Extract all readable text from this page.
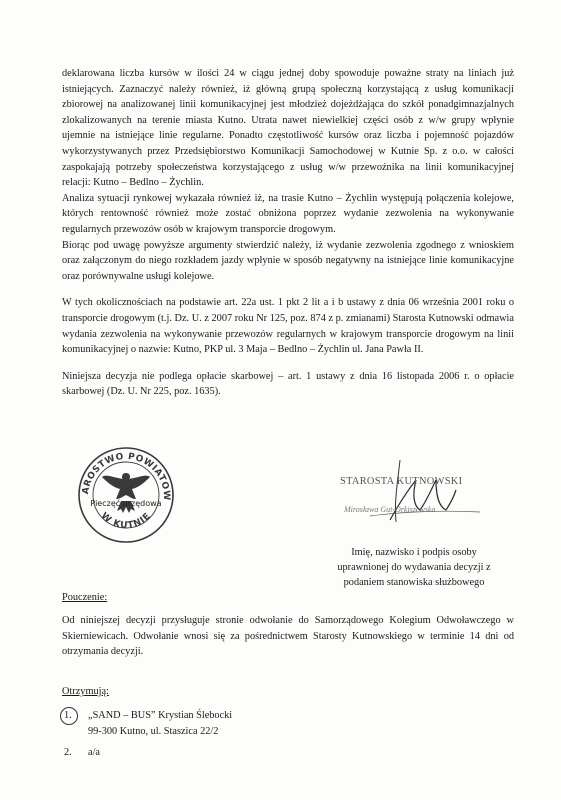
deklarowana liczba kursów w ilości 24 w ciągu jednej doby spowoduje poważne straty na liniach już istniejących. Zaznaczyć należy również, iż główną grupą społeczną korzystającą z usług komunikacji zbiorowej na analizowanej linii komunikacyjnej jest młodzież dojeżdżająca do szkół ponadgimnazjalnych zlokalizowanych na terenie miasta Kutno. Utrata nawet niewielkiej części osób z w/w grupy wpłynie ujemnie na istniejące linie regularne. Ponadto częstotliwość kursów oraz liczba i pojemność pojazdów wykorzystywanych przez Przedsiębiorstwo Komunikacji Samochodowej w Kutnie Sp. z o.o. w całości zaspokajają potrzeby społeczeństwa korzystającego z usług w/w przewoźnika na linii komunikacyjnej relacji: Kutno – Bedlno – Żychlin.

Analiza sytuacji rynkowej wykazała również iż, na trasie Kutno – Żychlin występują połączenia kolejowe, których rentowność również może zostać obniżona poprzez wydanie zezwolenia na wykonywanie regularnych przewozów osób w krajowym transporcie drogowym.

Biorąc pod uwagę powyższe argumenty stwierdzić należy, iż wydanie zezwolenia zgodnego z wnioskiem oraz załączonym do niego rozkładem jazdy wpłynie w sposób negatywny na istniejące linie komunikacyjne oraz porównywalne usługi kolejowe.

W tych okolicznościach na podstawie art. 22a ust. 1 pkt 2 lit a i b ustawy z dnia 06 września 2001 roku o transporcie drogowym (t.j. Dz. U. z 2007 roku Nr 125, poz. 874 z p. zmianami) Starosta Kutnowski odmawia wydania zezwolenia na wykonywanie przewozów regularnych w krajowym transporcie drogowym na linii komunikacyjnej o nazwie: Kutno, PKP ul. 3 Maja – Bedlno – Żychlin ul. Jana Pawła II.

Niniejsza decyzja nie podlega opłacie skarbowej – art. 1 ustawy z dnia 16 listopada 2006 r. o opłacie skarbowej (Dz. U. Nr 225, poz. 1635).

AROSTWO POWIATOW
W KUTNIE
Pieczęć urzędowa
STAROSTA KUTNOWSKI
Mirosława Gut-Orkiszewska

Imię, nazwisko i podpis osoby

uprawnionej do wydawania decyzji z

podaniem stanowiska służbowego

Pouczenie:

Od niniejszej decyzji przysługuje stronie odwołanie do Samorządowego Kolegium Odwoławczego w Skierniewicach. Odwołanie wnosi się za pośrednictwem Starosty Kutnowskiego w terminie 14 dni od otrzymania decyzji.

Otrzymują:
1. „SAND – BUS” Krystian Ślebocki
99-300 Kutno, ul. Staszica 22/2
2. a/a
